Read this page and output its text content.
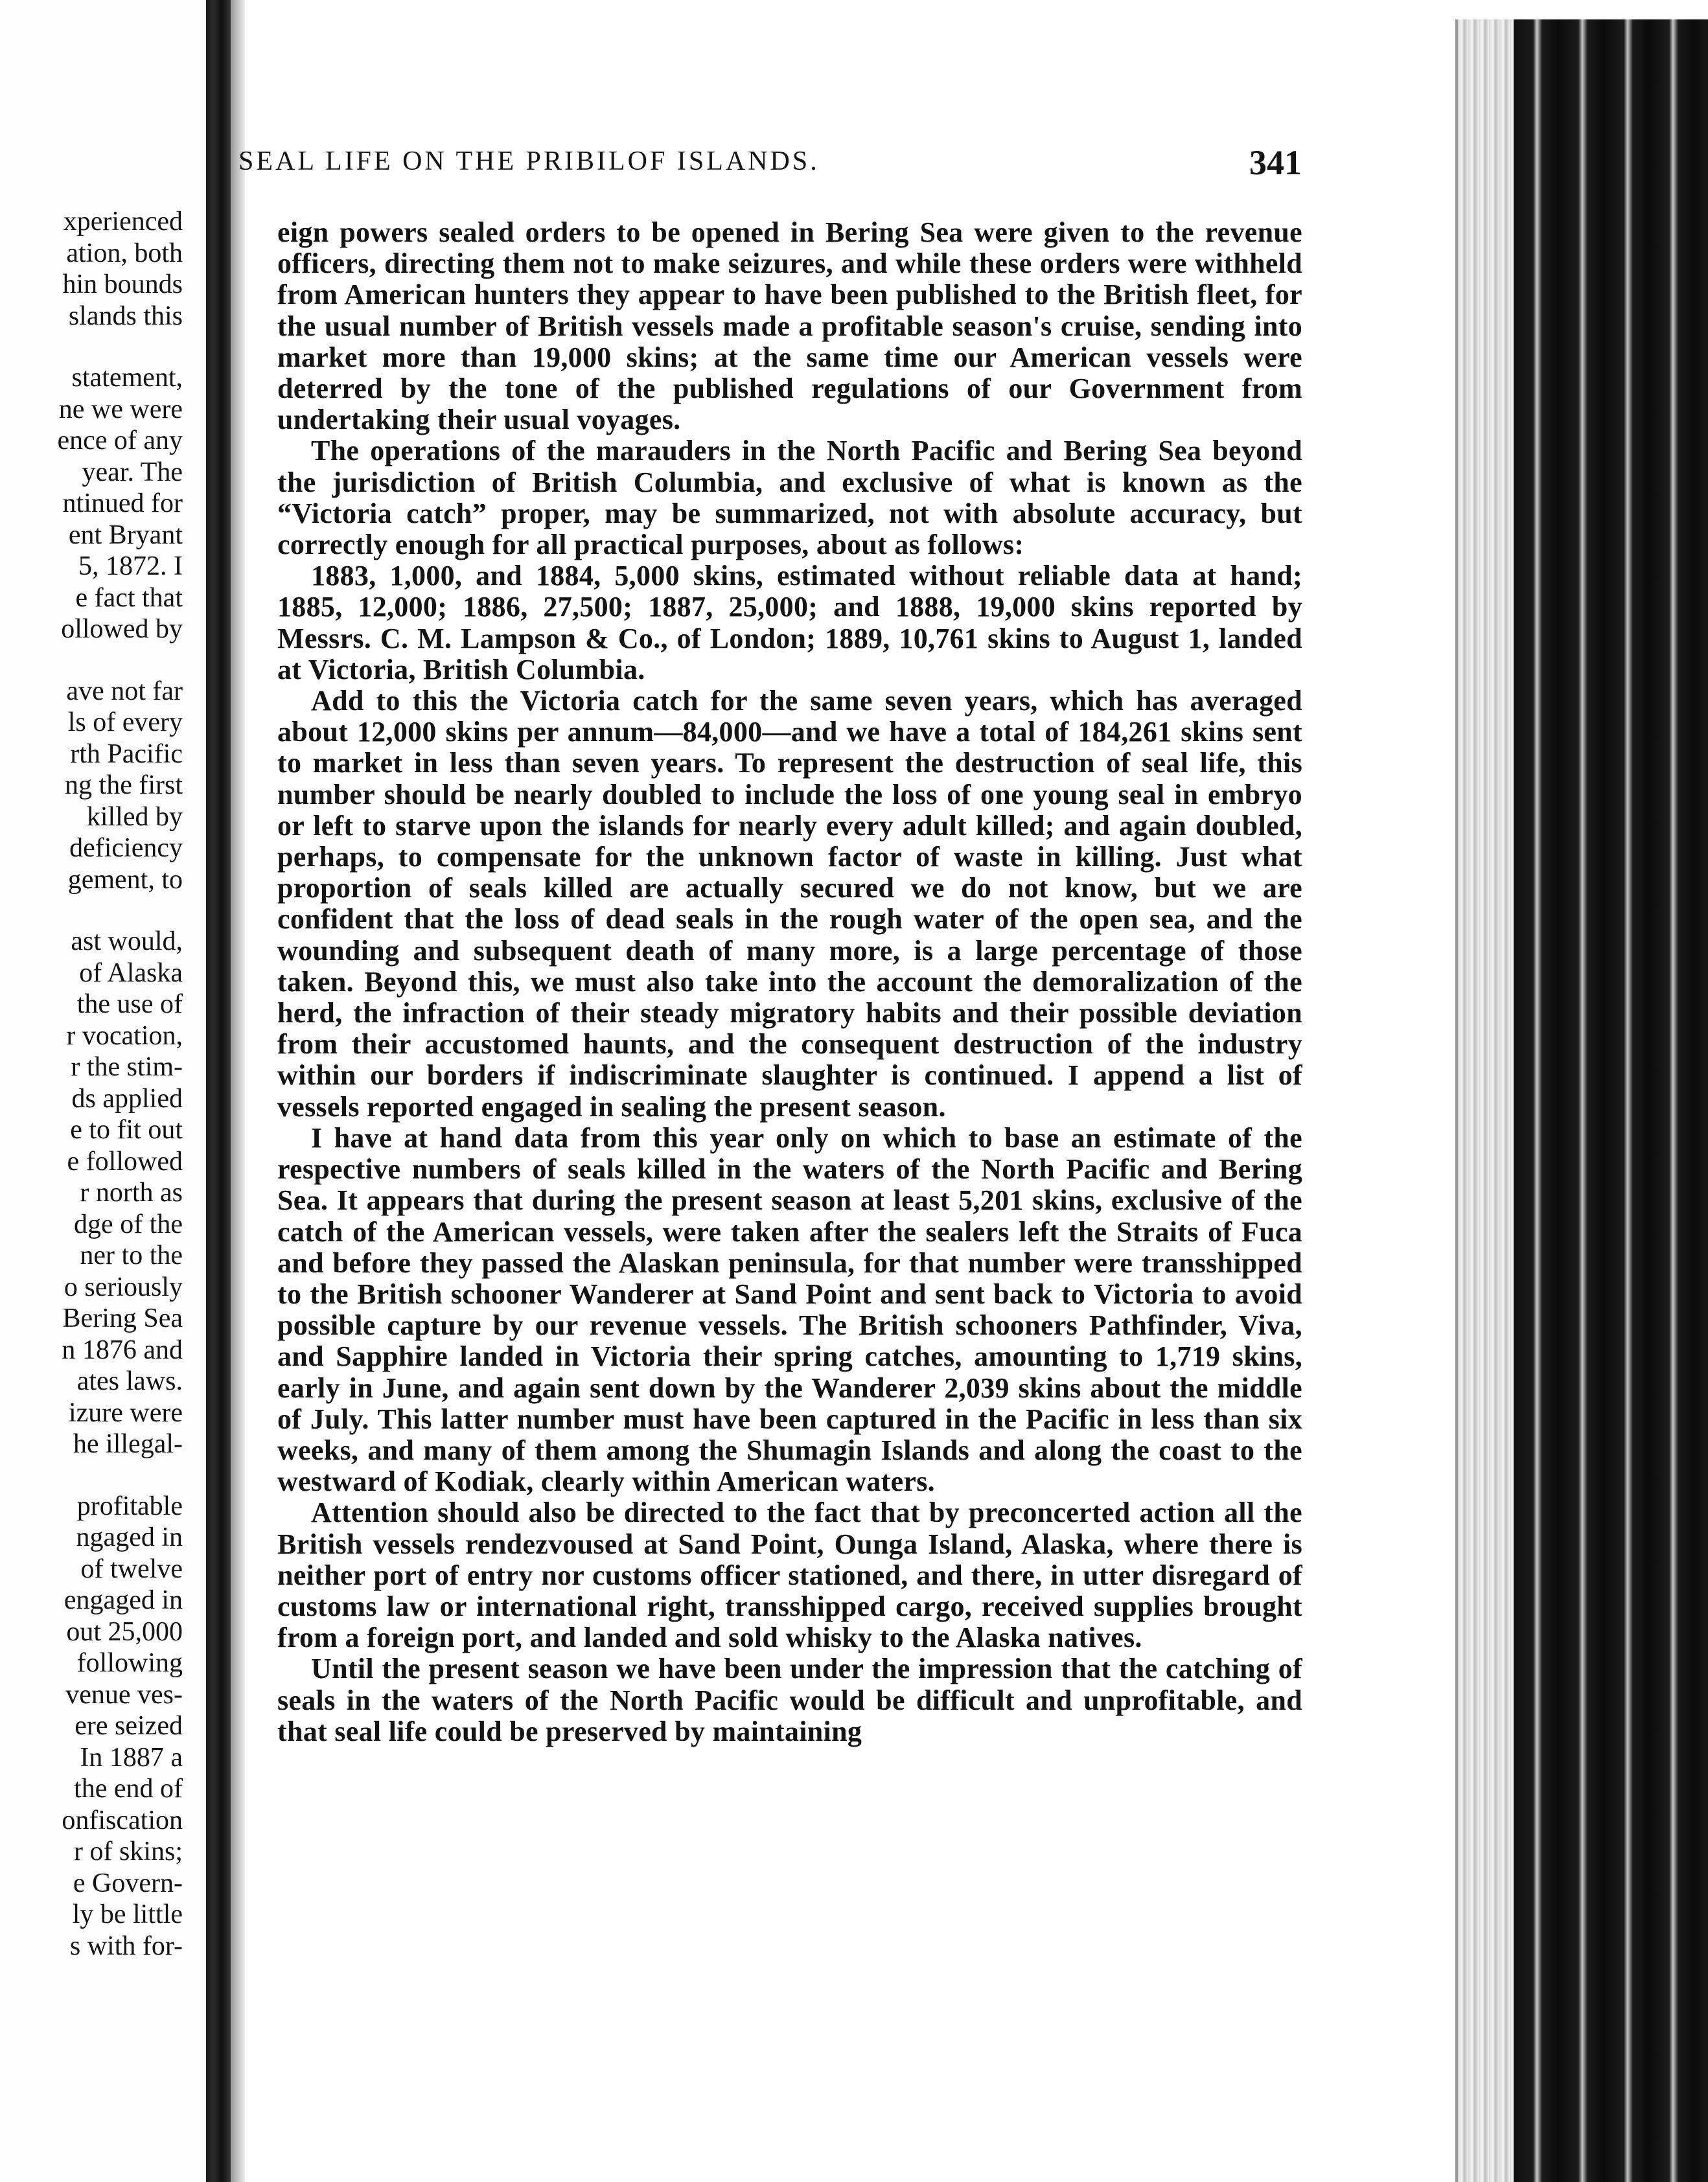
xperienced
ation, both
hin bounds
slands this
statement,
ne we were
ence of any
year. The
ntinued for
ent Bryant
5, 1872. I
e fact that
ollowed by
ave not far
ls of every
rth Pacific
ng the first
killed by
deficiency
gement, to
ast would,
of Alaska
the use of
r vocation,
r the stim-
ds applied
e to fit out
e followed
r north as
dge of the
ner to the
o seriously
Bering Sea
n 1876 and
ates laws.
izure were
he illegal-
profitable
ngaged in
of twelve
engaged in
out 25,000
following
venue ves-
ere seized
In 1887 a
the end of
onfiscation
r of skins;
e Govern-
ly be little
s with for-
SEAL LIFE ON THE PRIBILOF ISLANDS.	341

eign powers sealed orders to be opened in Bering Sea were given to the revenue officers, directing them not to make seizures, and while these orders were withheld from American hunters they appear to have been published to the British fleet, for the usual number of British vessels made a profitable season's cruise, sending into market more than 19,000 skins; at the same time our American vessels were deterred by the tone of the published regulations of our Government from undertaking their usual voyages.

The operations of the marauders in the North Pacific and Bering Sea beyond the jurisdiction of British Columbia, and exclusive of what is known as the “Victoria catch” proper, may be summarized, not with absolute accuracy, but correctly enough for all practical purposes, about as follows:

1883, 1,000, and 1884, 5,000 skins, estimated without reliable data at hand; 1885, 12,000; 1886, 27,500; 1887, 25,000; and 1888, 19,000 skins reported by Messrs. C. M. Lampson & Co., of London; 1889, 10,761 skins to August 1, landed at Victoria, British Columbia.

Add to this the Victoria catch for the same seven years, which has averaged about 12,000 skins per annum—84,000—and we have a total of 184,261 skins sent to market in less than seven years. To represent the destruction of seal life, this number should be nearly doubled to include the loss of one young seal in embryo or left to starve upon the islands for nearly every adult killed; and again doubled, perhaps, to compensate for the unknown factor of waste in killing. Just what proportion of seals killed are actually secured we do not know, but we are confident that the loss of dead seals in the rough water of the open sea, and the wounding and subsequent death of many more, is a large percentage of those taken. Beyond this, we must also take into the account the demoralization of the herd, the infraction of their steady migratory habits and their possible deviation from their accustomed haunts, and the consequent destruction of the industry within our borders if indiscriminate slaughter is continued. I append a list of vessels reported engaged in sealing the present season.

I have at hand data from this year only on which to base an estimate of the respective numbers of seals killed in the waters of the North Pacific and Bering Sea. It appears that during the present season at least 5,201 skins, exclusive of the catch of the American vessels, were taken after the sealers left the Straits of Fuca and before they passed the Alaskan peninsula, for that number were transshipped to the British schooner Wanderer at Sand Point and sent back to Victoria to avoid possible capture by our revenue vessels. The British schooners Pathfinder, Viva, and Sapphire landed in Victoria their spring catches, amounting to 1,719 skins, early in June, and again sent down by the Wanderer 2,039 skins about the middle of July. This latter number must have been captured in the Pacific in less than six weeks, and many of them among the Shumagin Islands and along the coast to the westward of Kodiak, clearly within American waters.

Attention should also be directed to the fact that by preconcerted action all the British vessels rendezvoused at Sand Point, Ounga Island, Alaska, where there is neither port of entry nor customs officer stationed, and there, in utter disregard of customs law or international right, transshipped cargo, received supplies brought from a foreign port, and landed and sold whisky to the Alaska natives.

Until the present season we have been under the impression that the catching of seals in the waters of the North Pacific would be difficult and unprofitable, and that seal life could be preserved by maintaining
